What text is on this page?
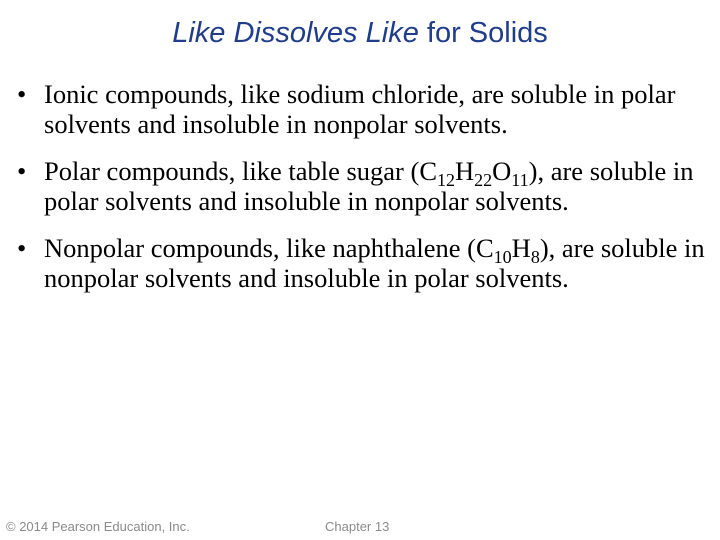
Like Dissolves Like for Solids
• Ionic compounds, like sodium chloride, are soluble in polar solvents and insoluble in nonpolar solvents.
• Polar compounds, like table sugar $(C_{12}H_{22}O_{11})$, are soluble in polar solvents and insoluble in nonpolar solvents.
• Nonpolar compounds, like naphthalene $(C_{10}H_8)$, are soluble in nonpolar solvents and insoluble in polar solvents.
© 2014 Pearson Education, Inc.	Chapter 13
